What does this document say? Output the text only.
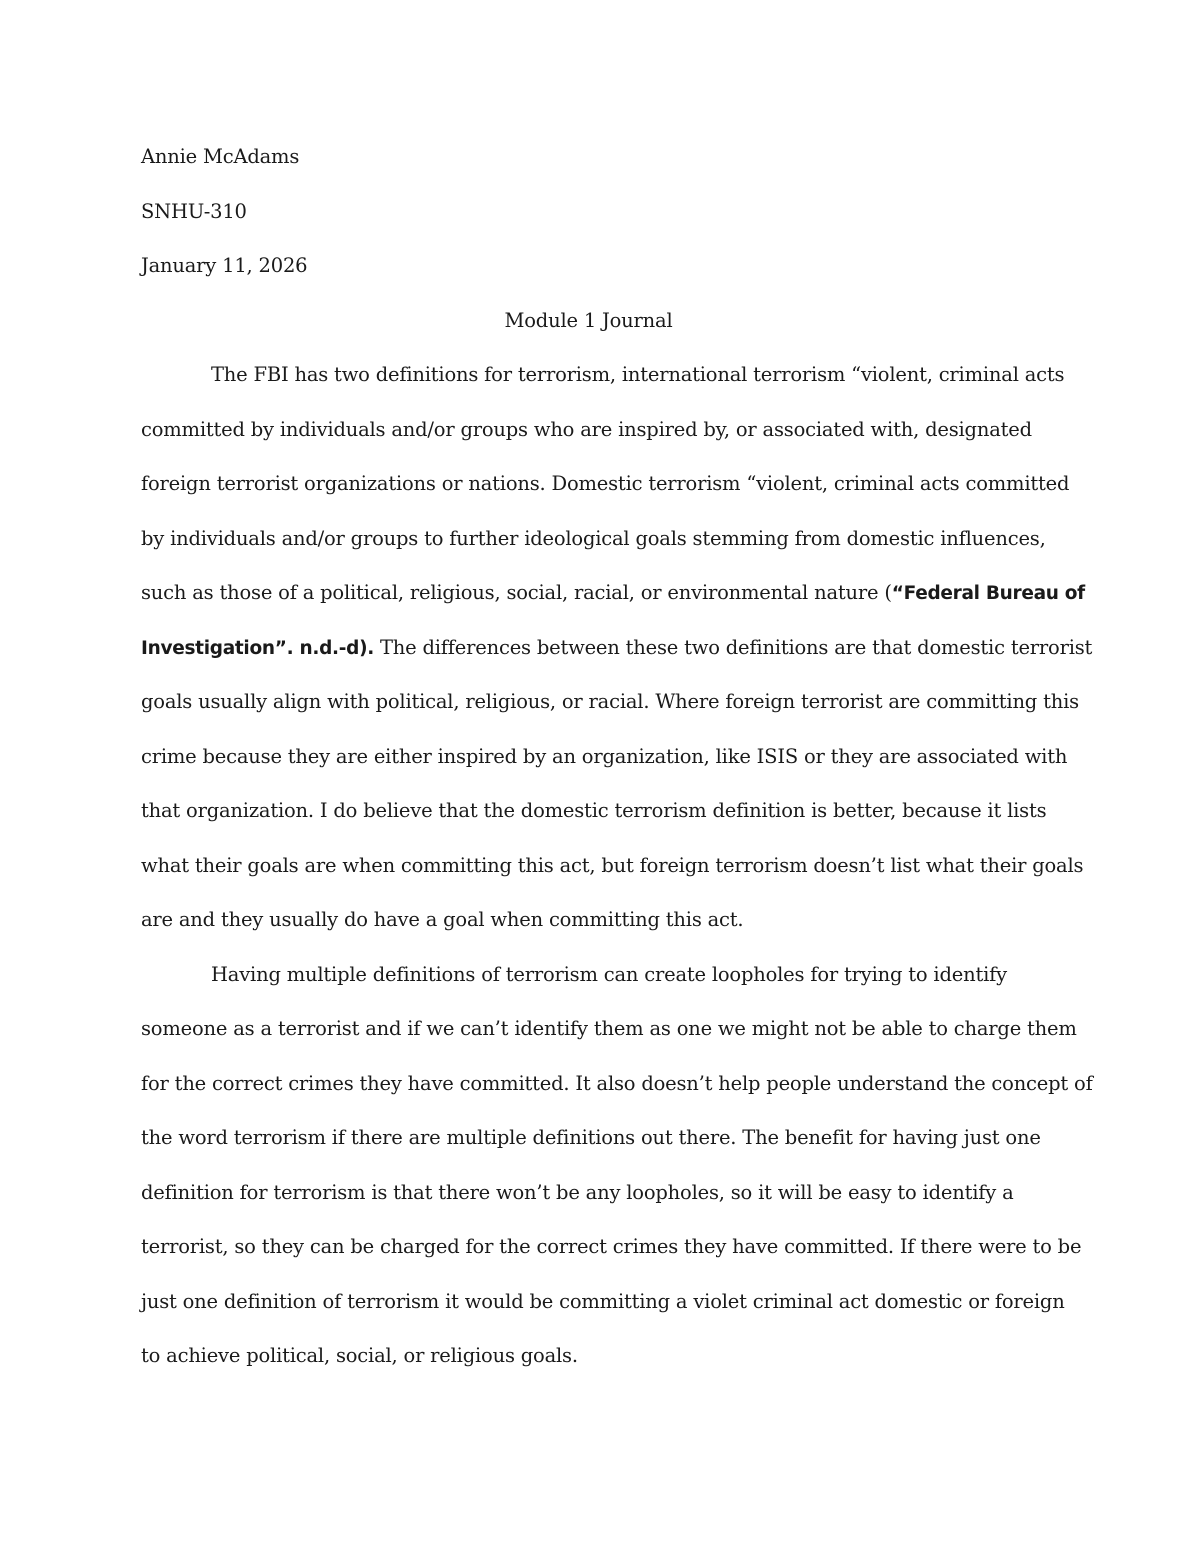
Annie McAdams
SNHU-310
January 11, 2026
Module 1 Journal
The FBI has two definitions for terrorism, international terrorism “violent, criminal acts
committed by individuals and/or groups who are inspired by, or associated with, designated
foreign terrorist organizations or nations. Domestic terrorism “violent, criminal acts committed
by individuals and/or groups to further ideological goals stemming from domestic influences,
such as those of a political, religious, social, racial, or environmental nature (“Federal Bureau of
Investigation”. n.d.-d). The differences between these two definitions are that domestic terrorist
goals usually align with political, religious, or racial. Where foreign terrorist are committing this
crime because they are either inspired by an organization, like ISIS or they are associated with
that organization. I do believe that the domestic terrorism definition is better, because it lists
what their goals are when committing this act, but foreign terrorism doesn’t list what their goals
are and they usually do have a goal when committing this act.
Having multiple definitions of terrorism can create loopholes for trying to identify
someone as a terrorist and if we can’t identify them as one we might not be able to charge them
for the correct crimes they have committed. It also doesn’t help people understand the concept of
the word terrorism if there are multiple definitions out there. The benefit for having just one
definition for terrorism is that there won’t be any loopholes, so it will be easy to identify a
terrorist, so they can be charged for the correct crimes they have committed. If there were to be
just one definition of terrorism it would be committing a violet criminal act domestic or foreign
to achieve political, social, or religious goals.
